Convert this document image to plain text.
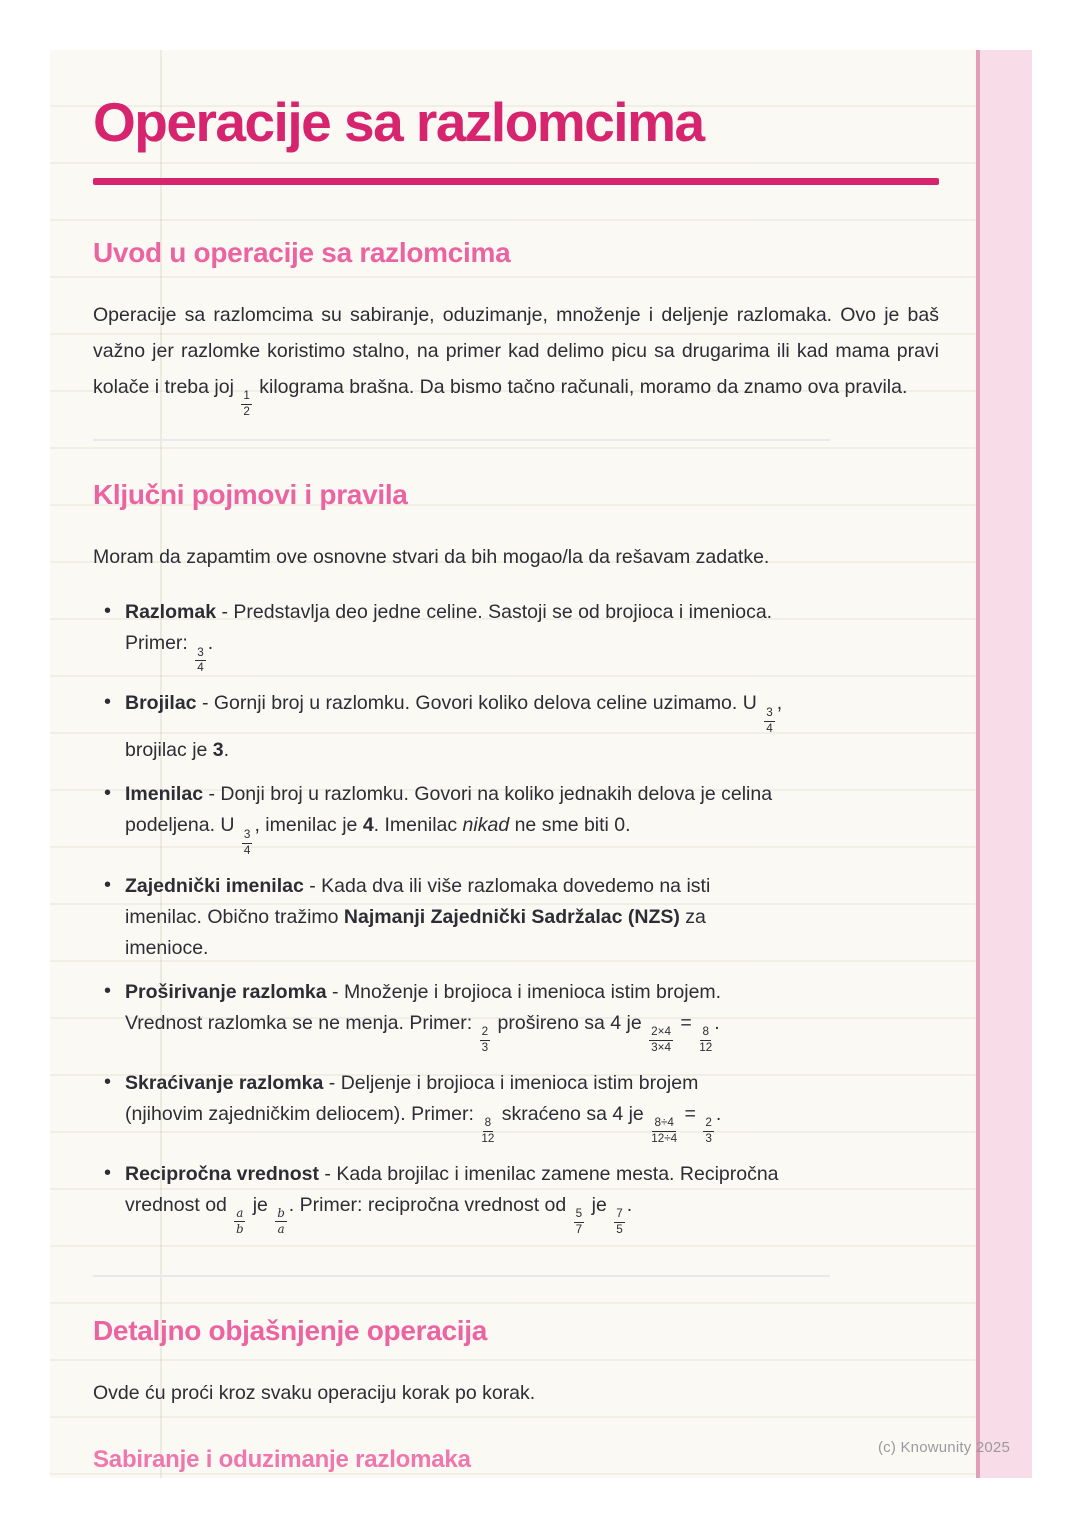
Operacije sa razlomcima
Uvod u operacije sa razlomcima

Operacije sa razlomcima su sabiranje, oduzimanje, množenje i deljenje razlomaka. Ovo je baš važno jer razlomke koristimo stalno, na primer kad delimo picu sa drugarima ili kad mama pravi kolače i treba joj
$\frac{1}{2}$
kilograma brašna. Da bismo tačno računali, moramo da znamo ova pravila.

Ključni pojmovi i pravila

Moram da zapamtim ove osnovne stvari da bih mogao/la da rešavam zadatke.

• Razlomak - Predstavlja deo jedne celine. Sastoji se od brojioca i imenioca.
Primer:
$\frac{3}{4}$
.
• Brojilac - Gornji broj u razlomku. Govori koliko delova celine uzimamo. U
$\frac{3}{4}$
,
brojilac je 3.
• Imenilac - Donji broj u razlomku. Govori na koliko jednakih delova je celina
podeljena. U
$\frac{3}{4}$
, imenilac je 4. Imenilac nikad ne sme biti 0.
• Zajednički imenilac - Kada dva ili više razlomaka dovedemo na isti
imenilac. Obično tražimo Najmanji Zajednički Sadržalac (NZS) za
imenioce.
• Proširivanje razlomka - Množenje i brojioca i imenioca istim brojem.
Vrednost razlomka se ne menja. Primer:
$\frac{2}{3}$
prošireno sa 4 je
$\frac{2\times 4}{3\times 4}$
=
$\frac{8}{12}$
.
• Skraćivanje razlomka - Deljenje i brojioca i imenioca istim brojem
(njihovim zajedničkim deliocem). Primer:
$\frac{8}{12}$
skraćeno sa 4 je
$\frac{8\div 4}{12\div 4}$
=
$\frac{2}{3}$
.
• Recipročna vrednost - Kada brojilac i imenilac zamene mesta. Recipročna
vrednost od
$\frac{a}{b}$
je
$\frac{b}{a}$
. Primer: recipročna vrednost od
$\frac{5}{7}$
je
$\frac{7}{5}$
.
Detaljno objašnjenje operacija

Ovde ću proći kroz svaku operaciju korak po korak.

Sabiranje i oduzimanje razlomaka	(c) Knowunity 2025
